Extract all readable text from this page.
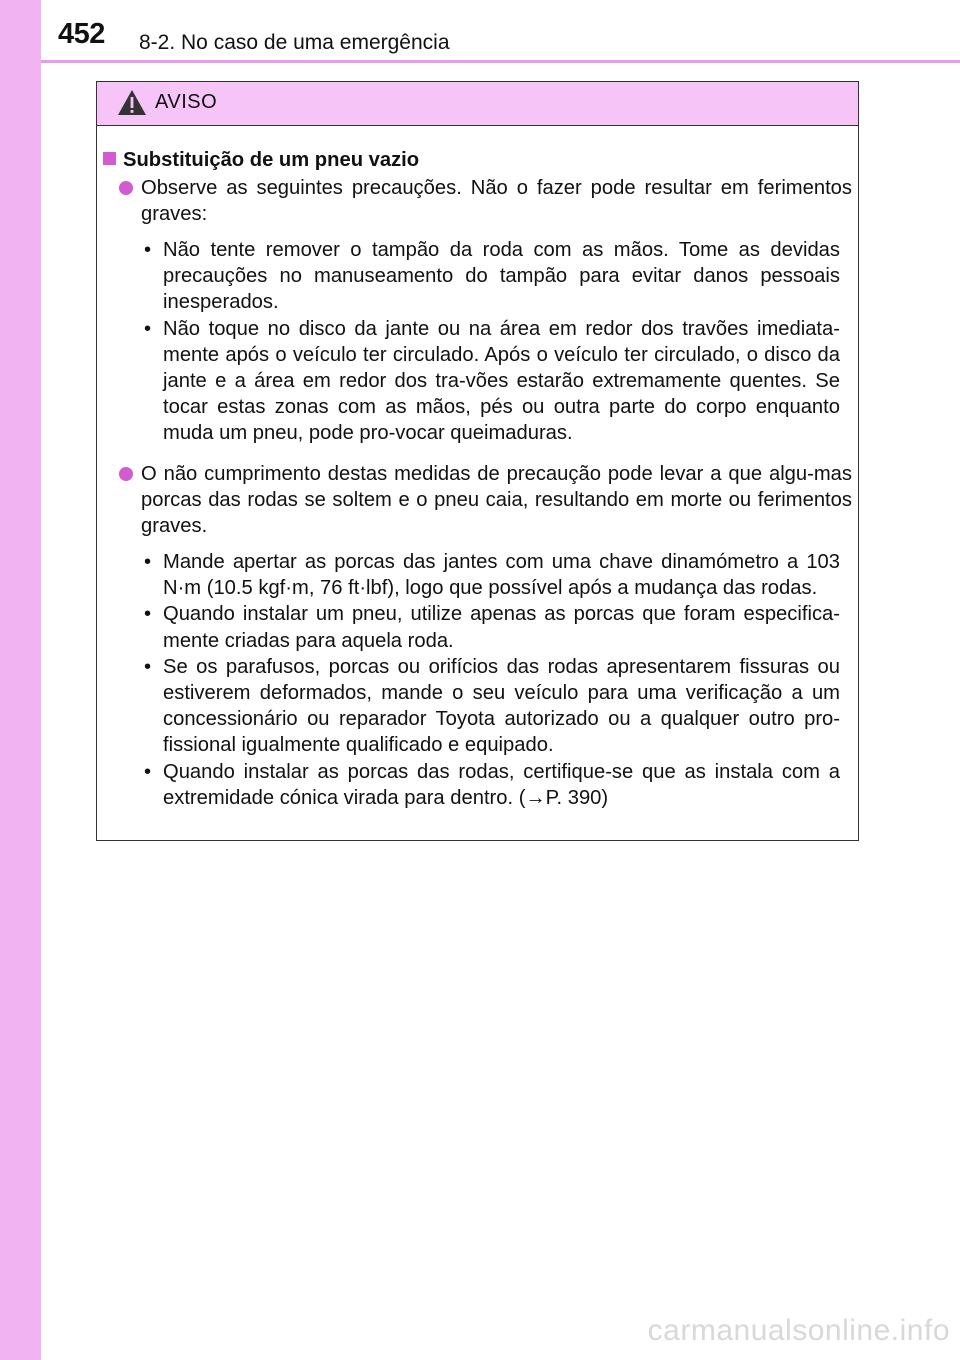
452 8-2. No caso de uma emergência
AVISO
Substituição de um pneu vazio
Observe as seguintes precauções. Não o fazer pode resultar em ferimentos graves:
• Não tente remover o tampão da roda com as mãos. Tome as devidas precauções no manuseamento do tampão para evitar danos pessoais inesperados.
• Não toque no disco da jante ou na área em redor dos travões imediata-mente após o veículo ter circulado. Após o veículo ter circulado, o disco da jante e a área em redor dos tra-vões estarão extremamente quentes. Se tocar estas zonas com as mãos, pés ou outra parte do corpo enquanto muda um pneu, pode pro-vocar queimaduras.
O não cumprimento destas medidas de precaução pode levar a que algu-mas porcas das rodas se soltem e o pneu caia, resultando em morte ou ferimentos graves.
• Mande apertar as porcas das jantes com uma chave dinamómetro a 103 N·m (10.5 kgf·m, 76 ft·lbf), logo que possível após a mudança das rodas.
• Quando instalar um pneu, utilize apenas as porcas que foram especifica-mente criadas para aquela roda.
• Se os parafusos, porcas ou orifícios das rodas apresentarem fissuras ou estiverem deformados, mande o seu veículo para uma verificação a um concessionário ou reparador Toyota autorizado ou a qualquer outro pro-fissional igualmente qualificado e equipado.
• Quando instalar as porcas das rodas, certifique-se que as instala com a extremidade cónica virada para dentro. (→P. 390)
carmanualsonline.info
